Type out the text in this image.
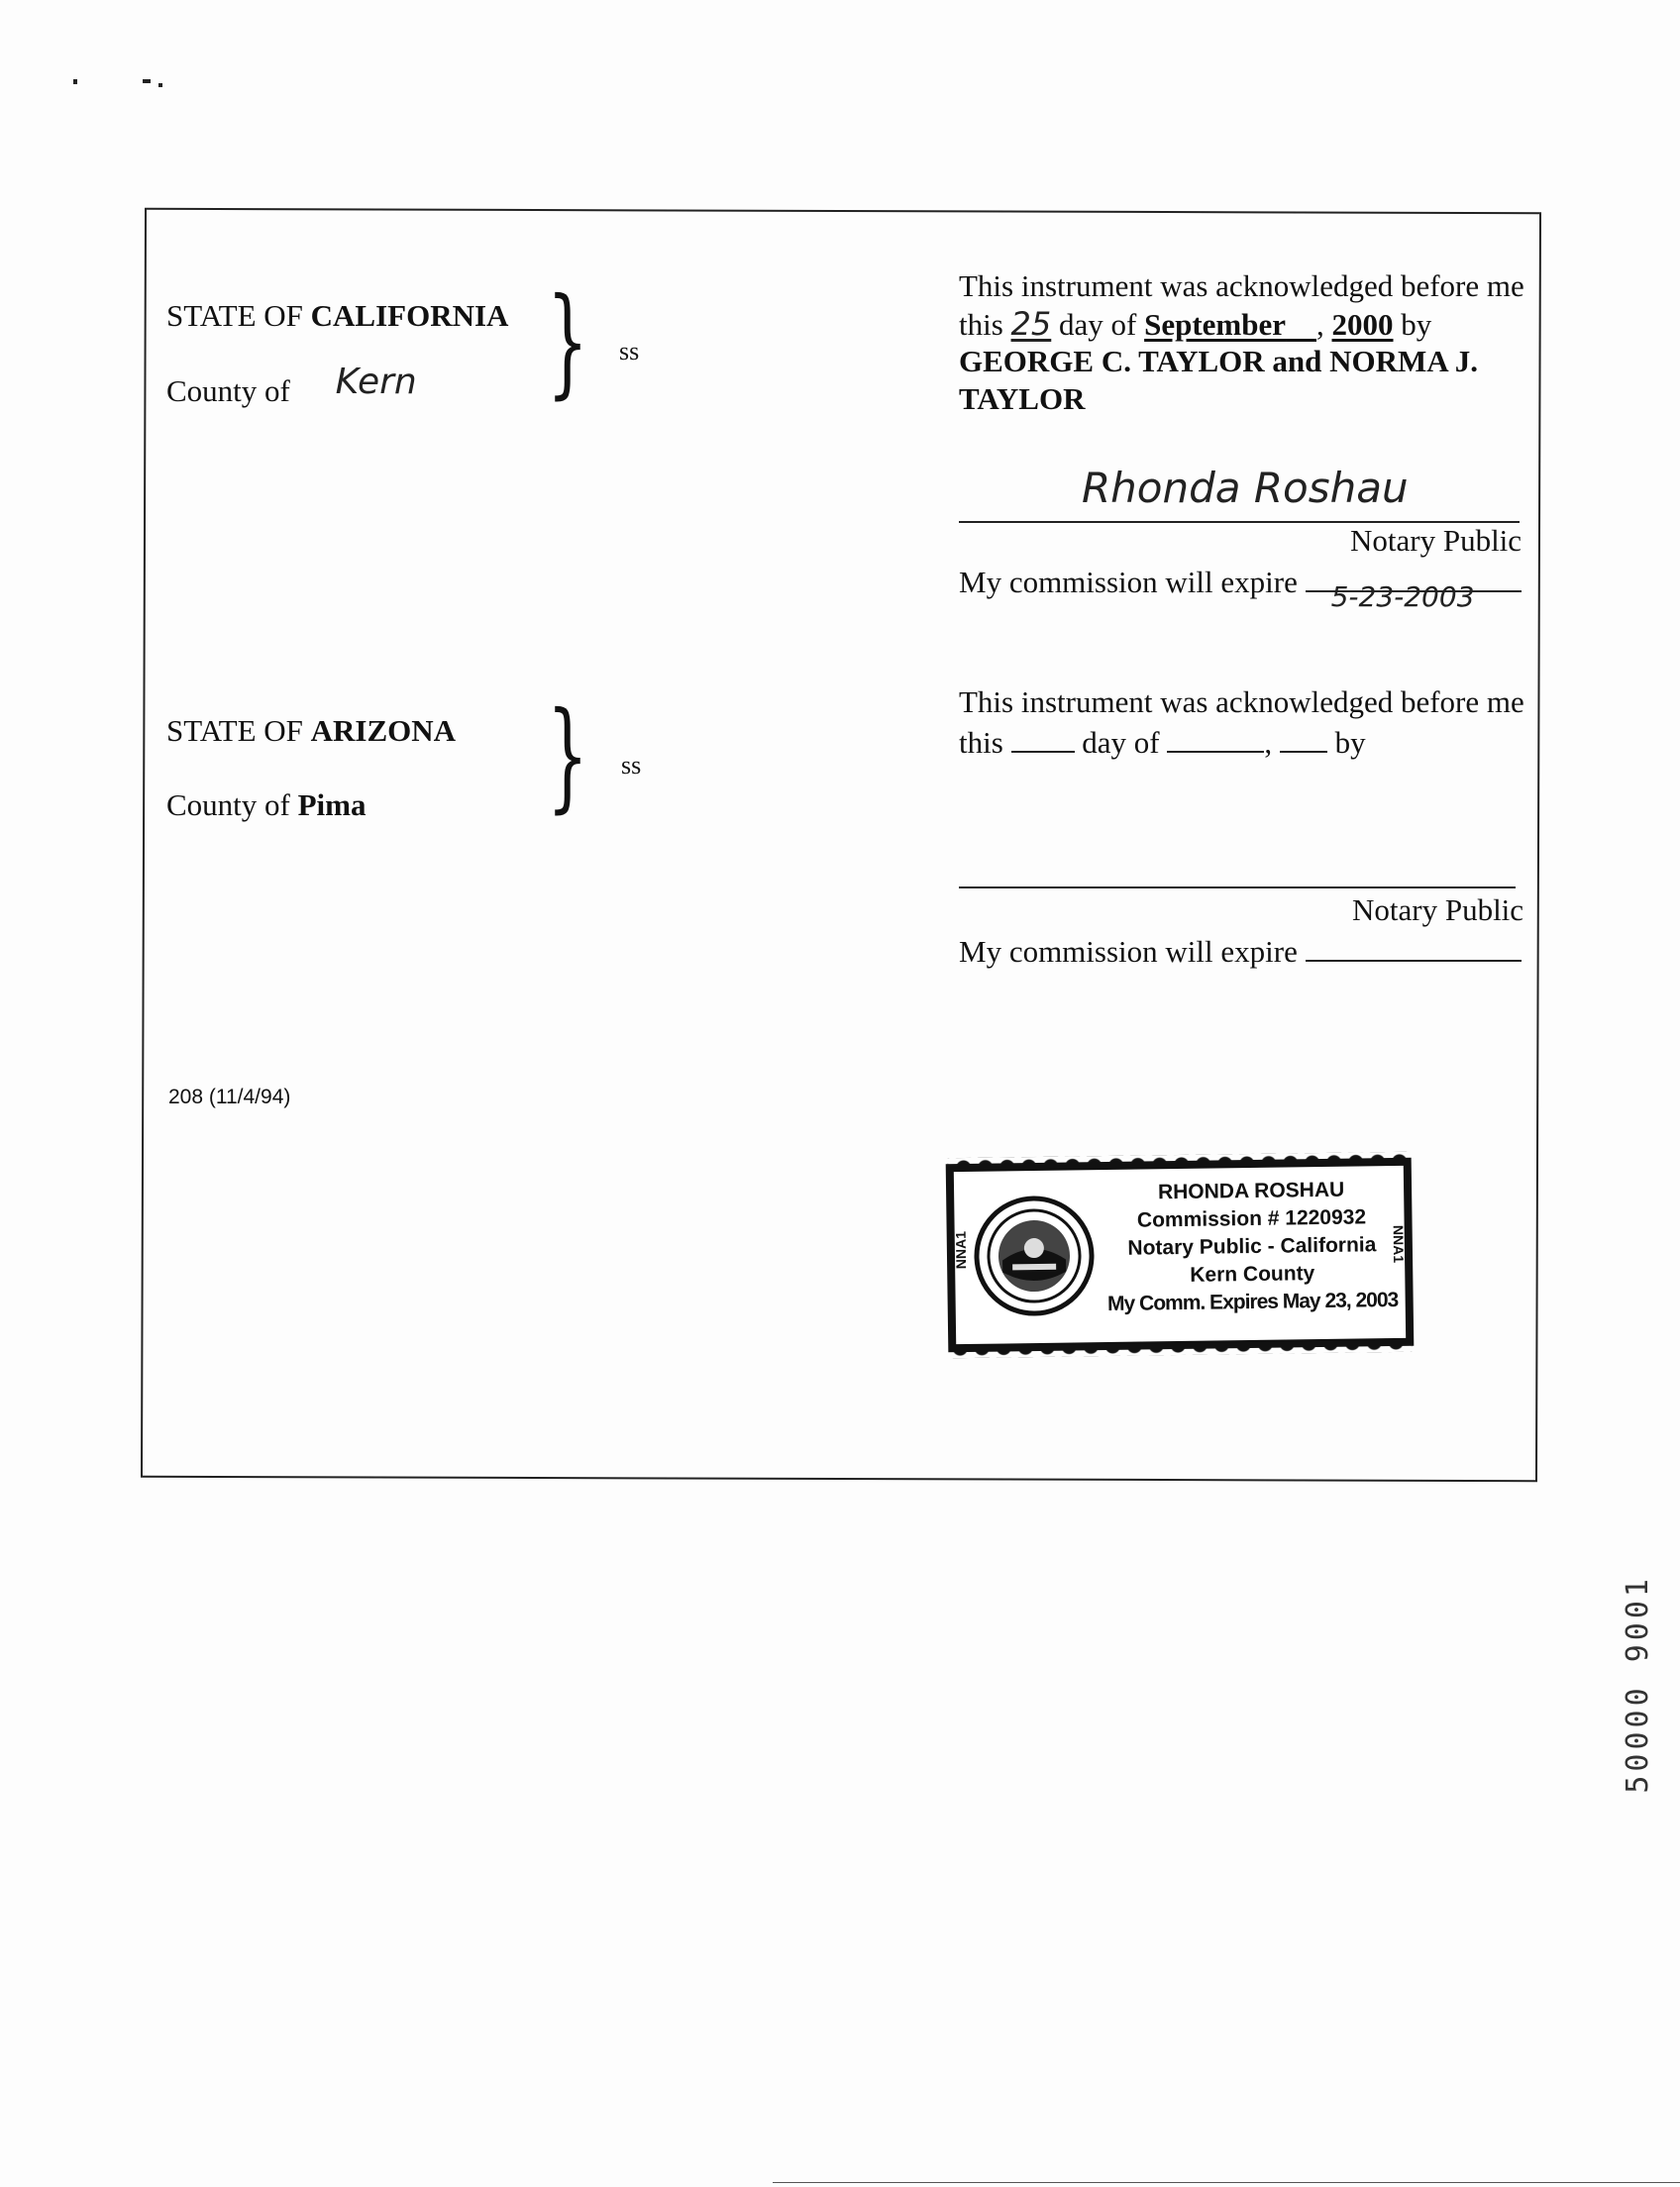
STATE OF CALIFORNIA
County of Kern } ss
This instrument was acknowledged before me
this 25 day of September , 2000 by
GEORGE C. TAYLOR and NORMA J.
TAYLOR
Rhonda Roshau
Notary Public
My commission will expire 5-23-2003
STATE OF ARIZONA
County of Pima } ss
This instrument was acknowledged before me
this	day of	, by
Notary Public
My commission will expire
208 (11/4/94)
NNA1	NNA1
RHONDA ROSHAU
Commission # 1220932
Notary Public - California
Kern County
My Comm. Expires May 23, 2003
50000 9001
